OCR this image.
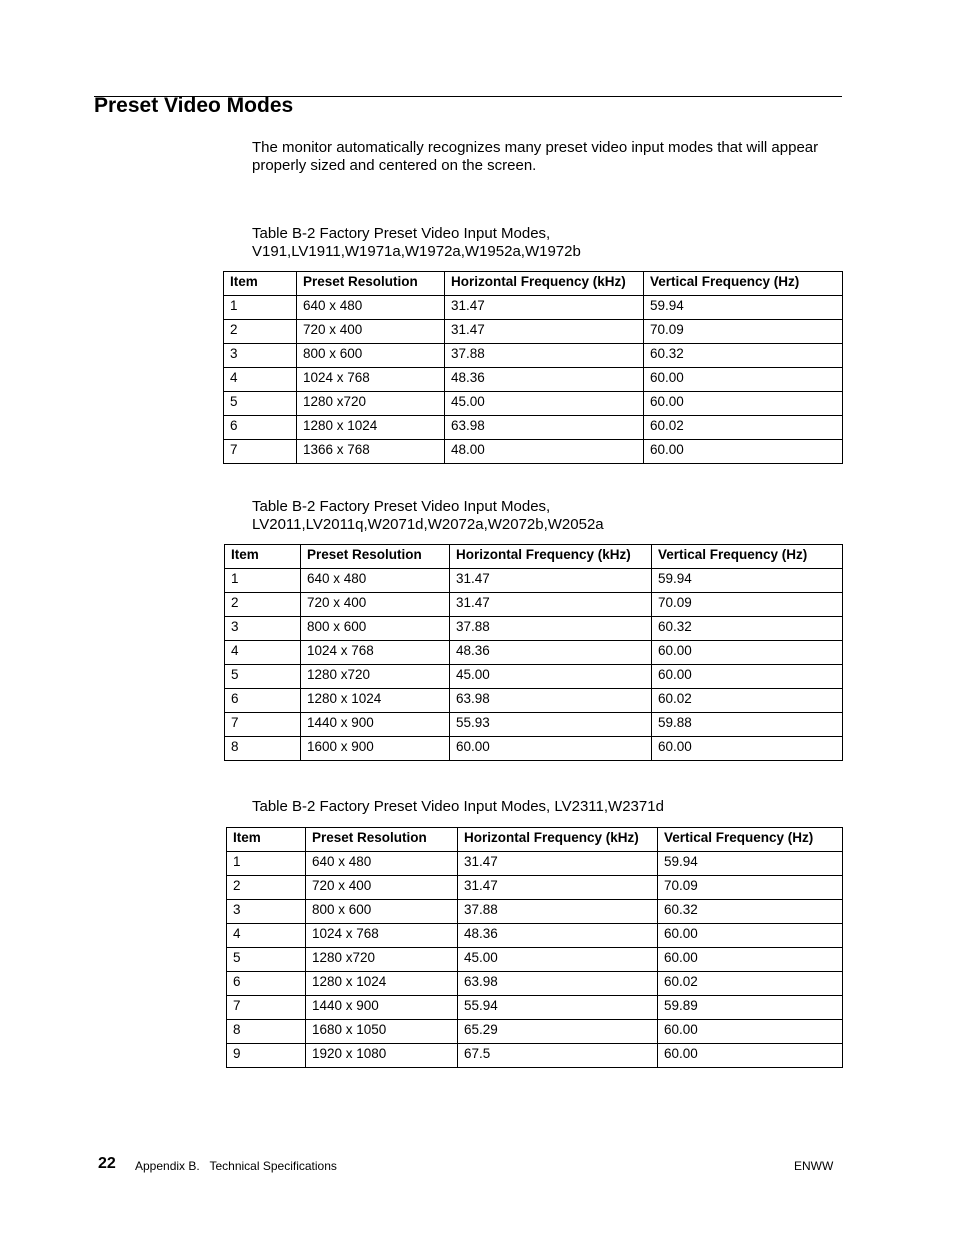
Preset Video Modes

The monitor automatically recognizes many preset video input modes that will appear properly sized and centered on the screen.

Table B-2 Factory Preset Video Input Modes,
V191,LV1911,W1971a,W1972a,W1952a,W1972b

Item	Preset Resolution	Horizontal Frequency (kHz)	Vertical Frequency (Hz)
1	640 x 480	31.47	59.94
2	720 x 400	31.47	70.09
3	800 x 600	37.88	60.32
4	1024 x 768	48.36	60.00
5	1280 x720	45.00	60.00
6	1280 x 1024	63.98	60.02
7	1366 x 768	48.00	60.00

Table B-2 Factory Preset Video Input Modes,
LV2011,LV2011q,W2071d,W2072a,W2072b,W2052a

Item	Preset Resolution	Horizontal Frequency (kHz)	Vertical Frequency (Hz)
1	640 x 480	31.47	59.94
2	720 x 400	31.47	70.09
3	800 x 600	37.88	60.32
4	1024 x 768	48.36	60.00
5	1280 x720	45.00	60.00
6	1280 x 1024	63.98	60.02
7	1440 x 900	55.93	59.88
8	1600 x 900	60.00	60.00

Table B-2 Factory Preset Video Input Modes, LV2311,W2371d

Item	Preset Resolution	Horizontal Frequency (kHz)	Vertical Frequency (Hz)
1	640 x 480	31.47	59.94
2	720 x 400	31.47	70.09
3	800 x 600	37.88	60.32
4	1024 x 768	48.36	60.00
5	1280 x720	45.00	60.00
6	1280 x 1024	63.98	60.02
7	1440 x 900	55.94	59.89
8	1680 x 1050	65.29	60.00
9	1920 x 1080	67.5	60.00
22 Appendix B.   Technical Specifications	ENWW
